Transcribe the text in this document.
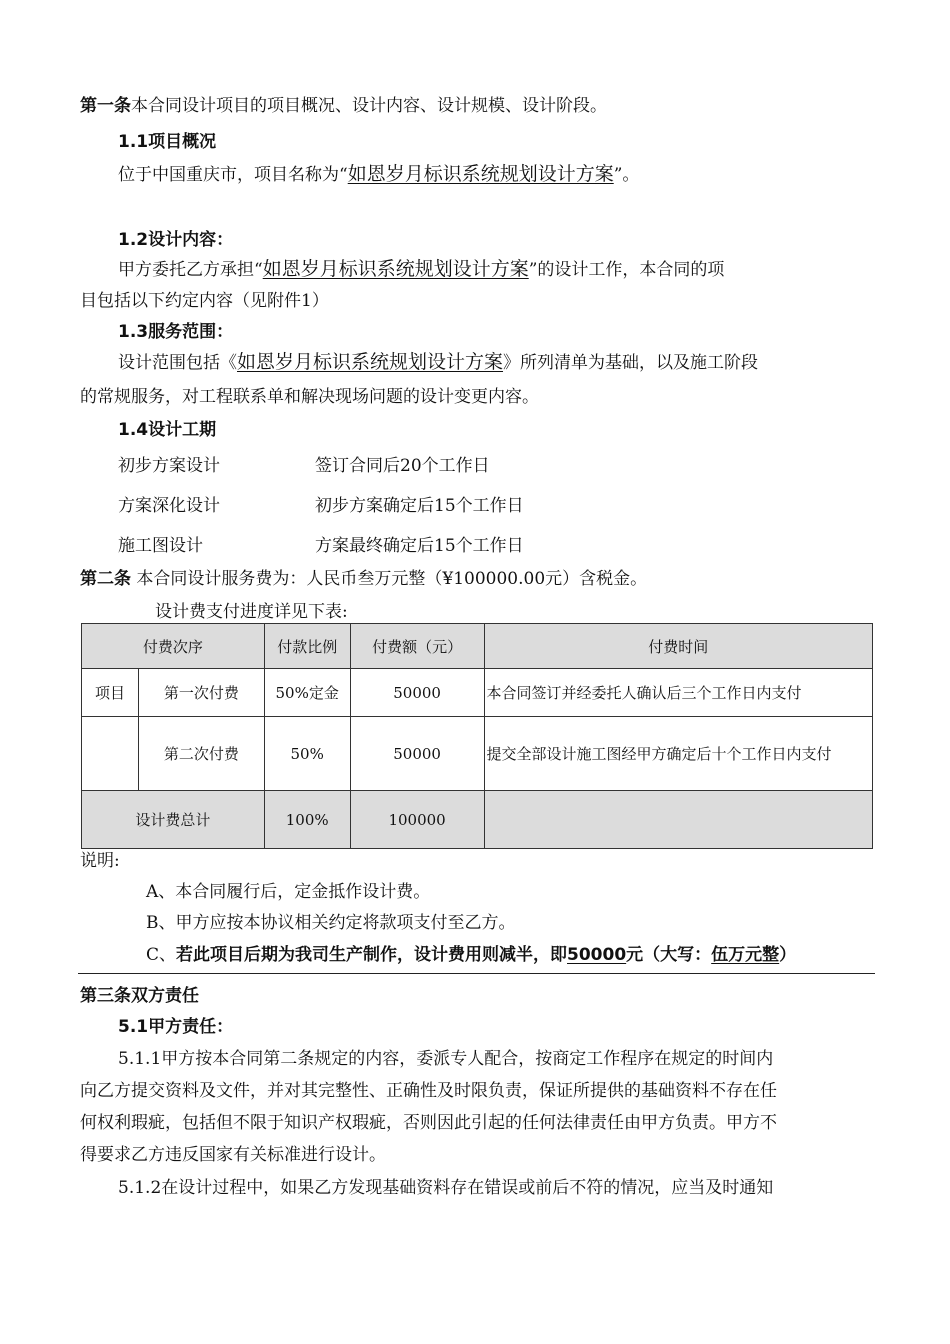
第一条本合同设计项目的项目概况、设计内容、设计规模、设计阶段。
1.1项目概况
位于中国重庆市，项目名称为“如恩岁月标识系统规划设计方案”。
1.2设计内容：
甲方委托乙方承担“如恩岁月标识系统规划设计方案”的设计工作，本合同的项
目包括以下约定内容（见附件1）
1.3服务范围：
设计范围包括《如恩岁月标识系统规划设计方案》所列清单为基础，以及施工阶段
的常规服务，对工程联系单和解决现场问题的设计变更内容。
1.4设计工期
初步方案设计	签订合同后20个工作日
方案深化设计	初步方案确定后15个工作日
施工图设计	方案最终确定后15个工作日
第二条 本合同设计服务费为：人民币叁万元整（¥100000.00元）含税金。
设计费支付进度详见下表:
付费次序		付款比例	付费额（元）	付费时间
项目	第一次付费	50%定金	50000	本合同签订并经委托人确认后三个工作日内支付
	第二次付费	50%	50000	提交全部设计施工图经甲方确定后十个工作日内支付
设计费总计		100%	100000	
说明:
A、本合同履行后，定金抵作设计费。
B、甲方应按本协议相关约定将款项支付至乙方。
C、若此项目后期为我司生产制作，设计费用则减半，即50000元（大写：伍万元整）
第三条双方责任
5.1甲方责任：
5.1.1甲方按本合同第二条规定的内容，委派专人配合，按商定工作程序在规定的时间内
向乙方提交资料及文件，并对其完整性、正确性及时限负责，保证所提供的基础资料不存在任
何权利瑕疵，包括但不限于知识产权瑕疵，否则因此引起的任何法律责任由甲方负责。甲方不
得要求乙方违反国家有关标准进行设计。
5.1.2在设计过程中，如果乙方发现基础资料存在错误或前后不符的情况，应当及时通知
